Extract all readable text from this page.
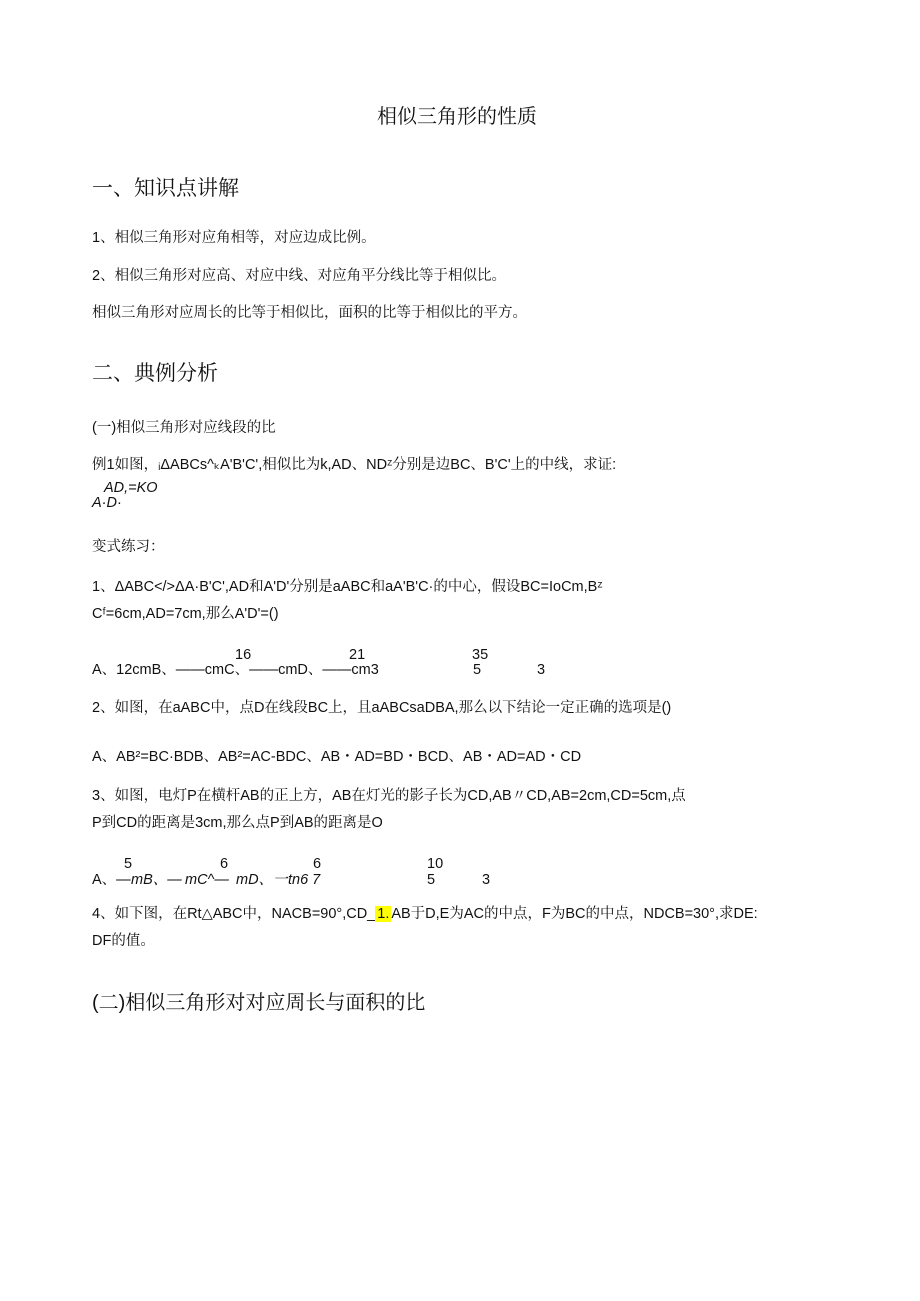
相似三角形的性质
一、知识点讲解
1、相似三角形对应角相等，对应边成比例。
2、相似三角形对应高、对应中线、对应角平分线比等于相似比。
相似三角形对应周长的比等于相似比，面积的比等于相似比的平方。
二、典例分析
(一)相似三角形对应线段的比
例1如图，ᵢΔABCs^ₖA'B'C',相似比为k,AD、NDᶻ分别是边BC、B'C'上的中线，求证:
AD,=KO
A·D·
变式练习：
1、ΔABC</>ΔA·B'C',AD和A'D'分别是aABC和aA'B'C·的中心，假设BC=IoCm,Bᶻ
Cᶠ=6cm,AD=7cm,那么A'D'=()
16	21	35
A、12cmB、——cmC、——cmD、——cm3	5	3
2、如图，在aABC中，点D在线段BC上，且aABCsaDBA,那么以下结论一定正确的选项是()
A、AB²=BC·BDB、AB²=AC-BDC、AB・AD=BD・BCD、AB・AD=AD・CD
3、如图，电灯P在横杆AB的正上方，AB在灯光的影子长为CD,AB〃CD,AB=2cm,CD=5cm,点
P到CD的距离是3cm,那么点P到AB的距离是O
5	6	6	10
A、— mB、— mC^— mD、一 tn6 7	5	3
4、如下图，在Rt△ABC中，NACB=90°,CD_ 1. AB于D,E为AC的中点，F为BC的中点，NDCB=30°,求DE:
DF的值。
(二)相似三角形对对应周长与面积的比
